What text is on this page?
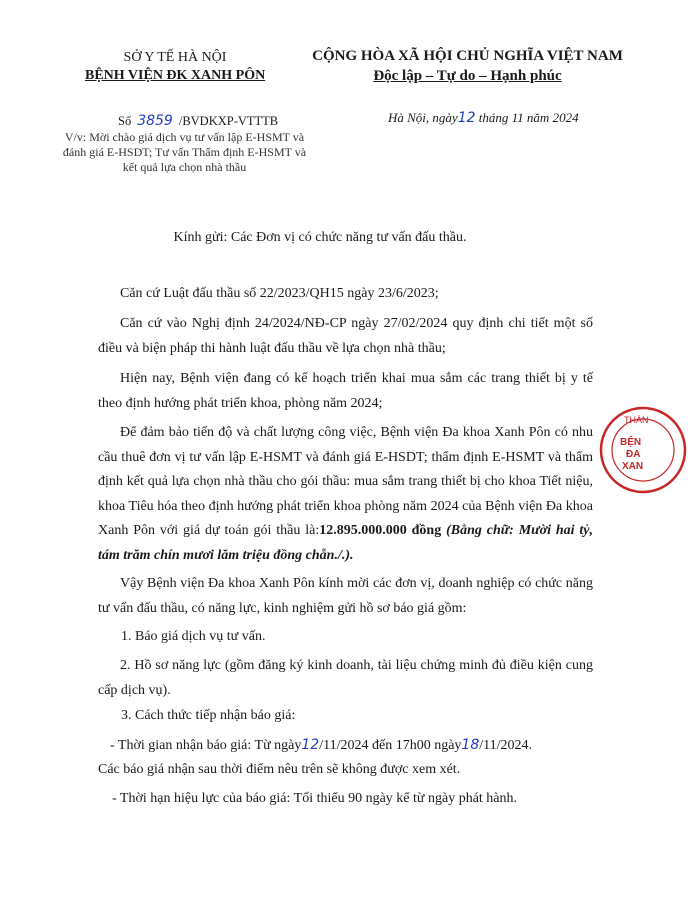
SỞ Y TẾ HÀ NỘI
BỆNH VIỆN ĐK XANH PÔN
CỘNG HÒA XÃ HỘI CHỦ NGHĨA VIỆT NAM
Độc lập – Tự do – Hạnh phúc
Số 3859 /BVDKXP-VTTTB
V/v: Mời chào giá dịch vụ tư vấn lập E-HSMT và đánh giá E-HSDT; Tư vấn Thẩm định E-HSMT và kết quả lựa chọn nhà thầu
Hà Nội, ngày12 tháng 11 năm 2024
Kính gửi: Các Đơn vị có chức năng tư vấn đấu thầu.
Căn cứ Luật đấu thầu số 22/2023/QH15 ngày 23/6/2023;
Căn cứ vào Nghị định 24/2024/NĐ-CP ngày 27/02/2024 quy định chi tiết một số điều và biện pháp thi hành luật đấu thầu về lựa chọn nhà thầu;
Hiện nay, Bệnh viện đang có kế hoạch triển khai mua sắm các trang thiết bị y tế theo định hướng phát triển khoa, phòng năm 2024;
Để đảm bảo tiến độ và chất lượng công việc, Bệnh viện Đa khoa Xanh Pôn có nhu cầu thuê đơn vị tư vấn lập E-HSMT và đánh giá E-HSDT; thẩm định E-HSMT và thẩm định kết quả lựa chọn nhà thầu cho gói thầu: mua sắm trang thiết bị cho khoa Tiết niệu, khoa Tiêu hóa theo định hướng phát triển khoa phòng năm 2024 của Bệnh viện Đa khoa Xanh Pôn với giá dự toán gói thầu là:12.895.000.000 đồng (Bằng chữ: Mười hai tỷ, tám trăm chín mươi lăm triệu đồng chẵn./.).
Vậy Bệnh viện Đa khoa Xanh Pôn kính mời các đơn vị, doanh nghiệp có chức năng tư vấn đấu thầu, có năng lực, kinh nghiệm gửi hồ sơ báo giá gồm:
1. Báo giá dịch vụ tư vấn.
2. Hồ sơ năng lực (gồm đăng ký kinh doanh, tài liệu chứng minh đủ điều kiện cung cấp dịch vụ).
3. Cách thức tiếp nhận báo giá:
- Thời gian nhận báo giá: Từ ngày12/11/2024 đến 17h00 ngày18/11/2024.
Các báo giá nhận sau thời điểm nêu trên sẽ không được xem xét.
- Thời hạn hiệu lực của báo giá: Tối thiểu 90 ngày kể từ ngày phát hành.
THÀN
BỆN
ĐA
XAN
